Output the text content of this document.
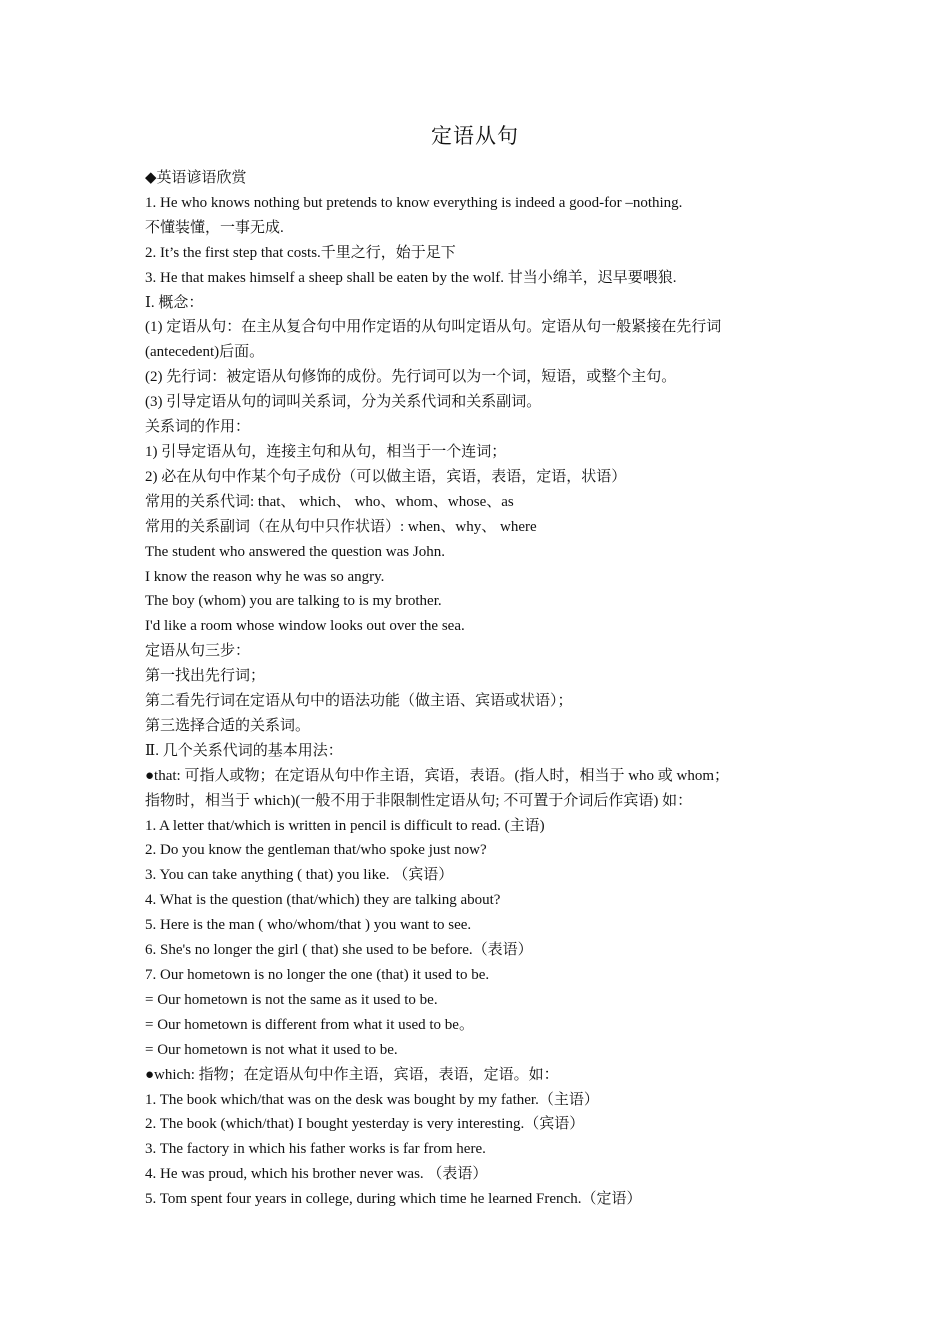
定语从句
◆英语谚语欣赏
1. He who knows nothing but pretends to know everything is indeed a good-for –nothing.
不懂装懂，一事无成.
2. It’s the first step that costs.千里之行，始于足下
3. He that makes himself a sheep shall be eaten by the wolf. 甘当小绵羊，迟早要喂狼.
Ⅰ. 概念：
(1) 定语从句：在主从复合句中用作定语的从句叫定语从句。定语从句一般紧接在先行词
(antecedent)后面。
(2) 先行词：被定语从句修饰的成份。先行词可以为一个词，短语，或整个主句。
(3) 引导定语从句的词叫关系词，分为关系代词和关系副词。
关系词的作用：
1) 引导定语从句，连接主句和从句，相当于一个连词；
2) 必在从句中作某个句子成份（可以做主语，宾语，表语，定语，状语）
常用的关系代词: that、 which、 who、whom、whose、as
常用的关系副词（在从句中只作状语）: when、why、 where
The student who answered the question was John.
I know the reason why he was so angry.
The boy (whom) you are talking to is my brother.
I'd like a room whose window looks out over the sea.
定语从句三步：
第一找出先行词；
第二看先行词在定语从句中的语法功能（做主语、宾语或状语）；
第三选择合适的关系词。
Ⅱ. 几个关系代词的基本用法：
●that: 可指人或物；在定语从句中作主语，宾语，表语。(指人时，相当于 who 或 whom；
指物时，相当于 which)(一般不用于非限制性定语从句; 不可置于介词后作宾语) 如：
1. A letter that/which is written in pencil is difficult to read. (主语)
2. Do you know the gentleman that/who spoke just now?
3. You can take anything ( that) you like. （宾语）
4. What is the question (that/which) they are talking about?
5. Here is the man ( who/whom/that ) you want to see.
6. She's no longer the girl ( that) she used to be before.（表语）
7. Our hometown is no longer the one (that) it used to be.
= Our hometown is not the same as it used to be.
= Our hometown is different from what it used to be。
= Our hometown is not what it used to be.
●which: 指物；在定语从句中作主语，宾语，表语，定语。如：
1. The book which/that was on the desk was bought by my father.（主语）
2. The book (which/that) I bought yesterday is very interesting.（宾语）
3. The factory in which his father works is far from here.
4. He was proud, which his brother never was. （表语）
5. Tom spent four years in college, during which time he learned French.（定语）
